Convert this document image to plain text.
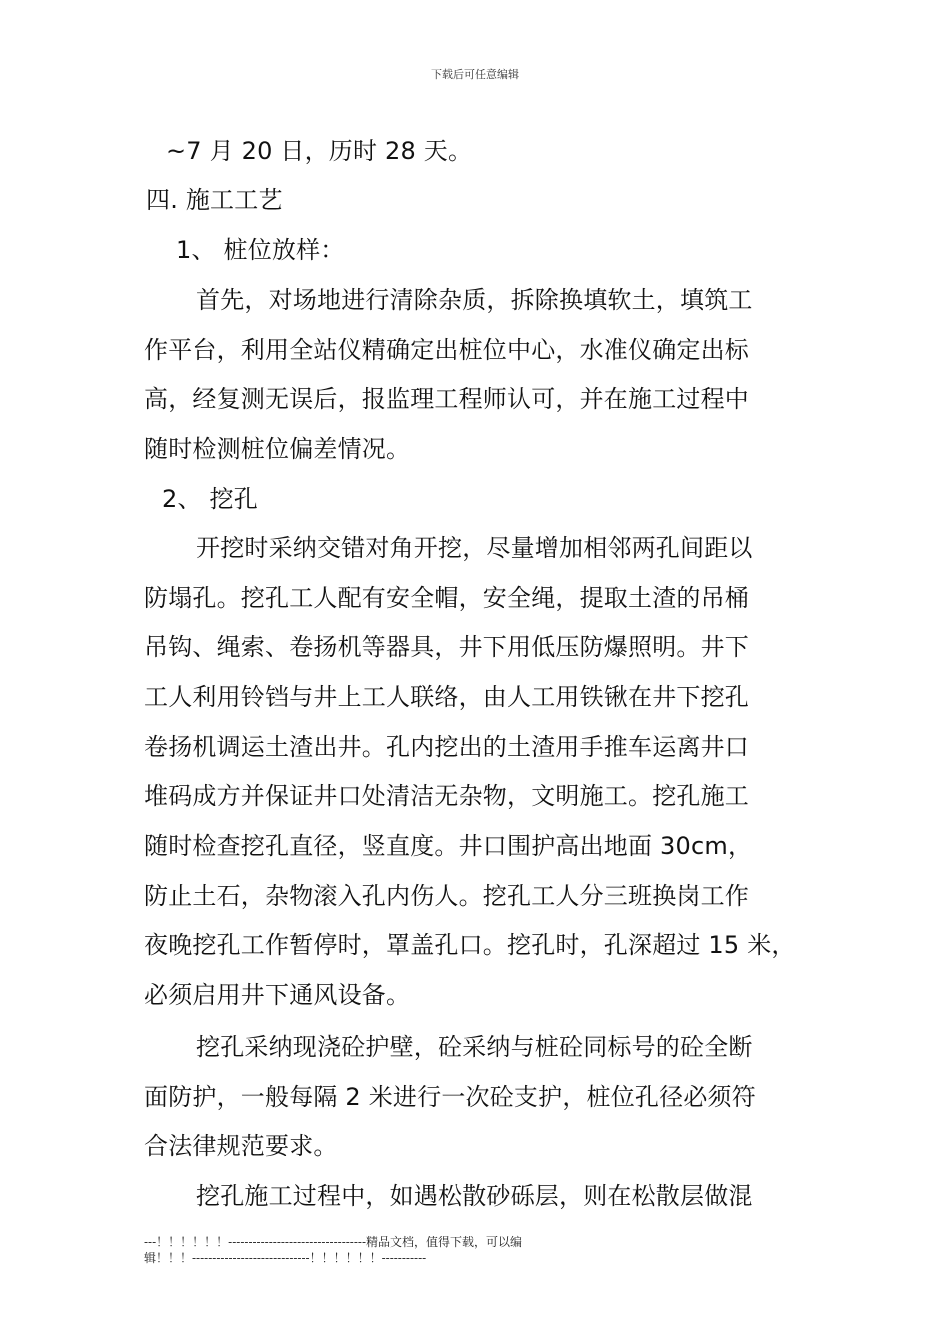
下载后可任意编辑
~7 月 20 日，历时 28 天。
四. 施工工艺
1、 桩位放样：
首先，对场地进行清除杂质，拆除换填软土，填筑工
作平台，利用全站仪精确定出桩位中心，水准仪确定出标
高，经复测无误后，报监理工程师认可，并在施工过程中
随时检测桩位偏差情况。
2、 挖孔
开挖时采纳交错对角开挖，尽量增加相邻两孔间距以
防塌孔。挖孔工人配有安全帽，安全绳，提取土渣的吊桶
吊钩、绳索、卷扬机等器具，井下用低压防爆照明。井下
工人利用铃铛与井上工人联络，由人工用铁锹在井下挖孔
卷扬机调运土渣出井。孔内挖出的土渣用手推车运离井口
堆码成方并保证井口处清洁无杂物，文明施工。挖孔施工
随时检查挖孔直径，竖直度。井口围护高出地面 30cm，
防止土石，杂物滚入孔内伤人。挖孔工人分三班换岗工作
夜晚挖孔工作暂停时，罩盖孔口。挖孔时，孔深超过 15 米，
必须启用井下通风设备。
挖孔采纳现浇砼护壁，砼采纳与桩砼同标号的砼全断
面防护，一般每隔 2 米进行一次砼支护，桩位孔径必须符
合法律规范要求。
挖孔施工过程中，如遇松散砂砾层，则在松散层做混
---！！！！！！----------------------------------精品文档，值得下载，可以编
辑！！！-----------------------------！！！！！！-----------
